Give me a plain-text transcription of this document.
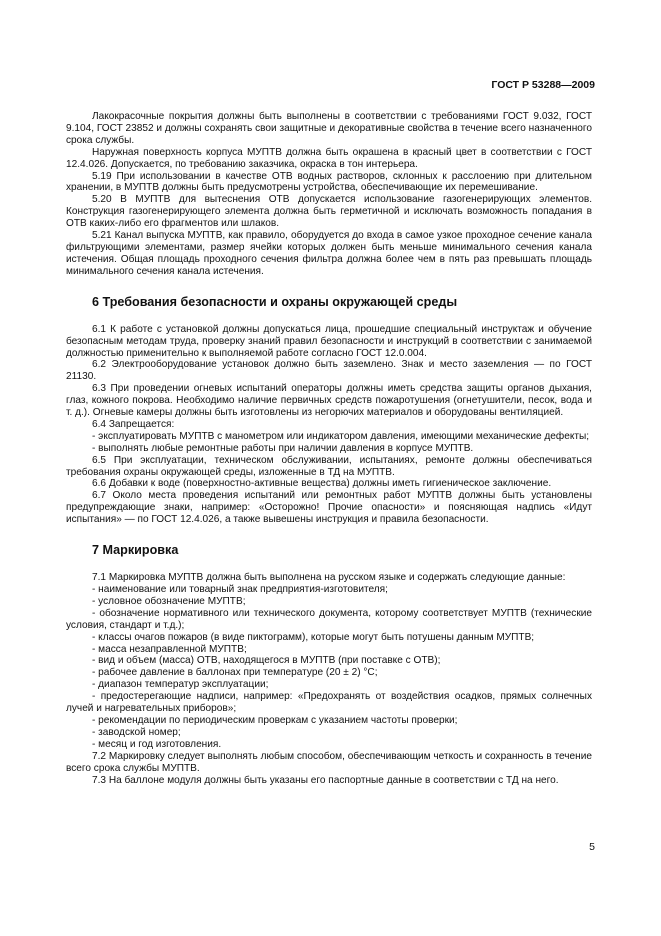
ГОСТ Р 53288—2009

Лакокрасочные покрытия должны быть выполнены в соответствии с требованиями ГОСТ 9.032, ГОСТ 9.104, ГОСТ 23852 и должны сохранять свои защитные и декоративные свойства в течение всего назначенного срока службы.

Наружная поверхность корпуса МУПТВ должна быть окрашена в красный цвет в соответствии с ГОСТ 12.4.026. Допускается, по требованию заказчика, окраска в тон интерьера.

5.19 При использовании в качестве ОТВ водных растворов, склонных к расслоению при длительном хранении, в МУПТВ должны быть предусмотрены устройства, обеспечивающие их перемешивание.

5.20 В МУПТВ для вытеснения ОТВ допускается использование газогенерирующих элементов. Конструкция газогенерирующего элемента должна быть герметичной и исключать возможность попадания в ОТВ каких-либо его фрагментов или шлаков.

5.21 Канал выпуска МУПТВ, как правило, оборудуется до входа в самое узкое проходное сечение канала фильтрующими элементами, размер ячейки которых должен быть меньше минимального сечения канала истечения. Общая площадь проходного сечения фильтра должна более чем в пять раз превышать площадь минимального сечения канала истечения.

6 Требования безопасности и охраны окружающей среды

6.1 К работе с установкой должны допускаться лица, прошедшие специальный инструктаж и обучение безопасным методам труда, проверку знаний правил безопасности и инструкций в соответствии с занимаемой должностью применительно к выполняемой работе согласно ГОСТ 12.0.004.

6.2 Электрооборудование установок должно быть заземлено. Знак и место заземления — по ГОСТ 21130.

6.3 При проведении огневых испытаний операторы должны иметь средства защиты органов дыхания, глаз, кожного покрова. Необходимо наличие первичных средств пожаротушения (огнетушители, песок, вода и т. д.). Огневые камеры должны быть изготовлены из негорючих материалов и оборудованы вентиляцией.

6.4 Запрещается:

- эксплуатировать МУПТВ с манометром или индикатором давления, имеющими механические дефекты;

- выполнять любые ремонтные работы при наличии давления в корпусе МУПТВ.

6.5 При эксплуатации, техническом обслуживании, испытаниях, ремонте должны обеспечиваться требования охраны окружающей среды, изложенные в ТД на МУПТВ.

6.6 Добавки к воде (поверхностно-активные вещества) должны иметь гигиеническое заключение.

6.7 Около места проведения испытаний или ремонтных работ МУПТВ должны быть установлены предупреждающие знаки, например: «Осторожно! Прочие опасности» и поясняющая надпись «Идут испытания» — по ГОСТ 12.4.026, а также вывешены инструкция и правила безопасности.

7 Маркировка

7.1 Маркировка МУПТВ должна быть выполнена на русском языке и содержать следующие данные:

- наименование или товарный знак предприятия-изготовителя;

- условное обозначение МУПТВ;

- обозначение нормативного или технического документа, которому соответствует МУПТВ (технические условия, стандарт и т.д.);

- классы очагов пожаров (в виде пиктограмм), которые могут быть потушены данным МУПТВ;

- масса незаправленной МУПТВ;

- вид и объем (масса) ОТВ, находящегося в МУПТВ (при поставке с ОТВ);

- рабочее давление в баллонах при температуре (20 ± 2) °С;

- диапазон температур эксплуатации;

- предостерегающие надписи, например: «Предохранять от воздействия осадков, прямых солнечных лучей и нагревательных приборов»;

- рекомендации по периодическим проверкам с указанием частоты проверки;

- заводской номер;

- месяц и год изготовления.

7.2 Маркировку следует выполнять любым способом, обеспечивающим четкость и сохранность в течение всего срока службы МУПТВ.

7.3 На баллоне модуля должны быть указаны его паспортные данные в соответствии с ТД на него.

5
